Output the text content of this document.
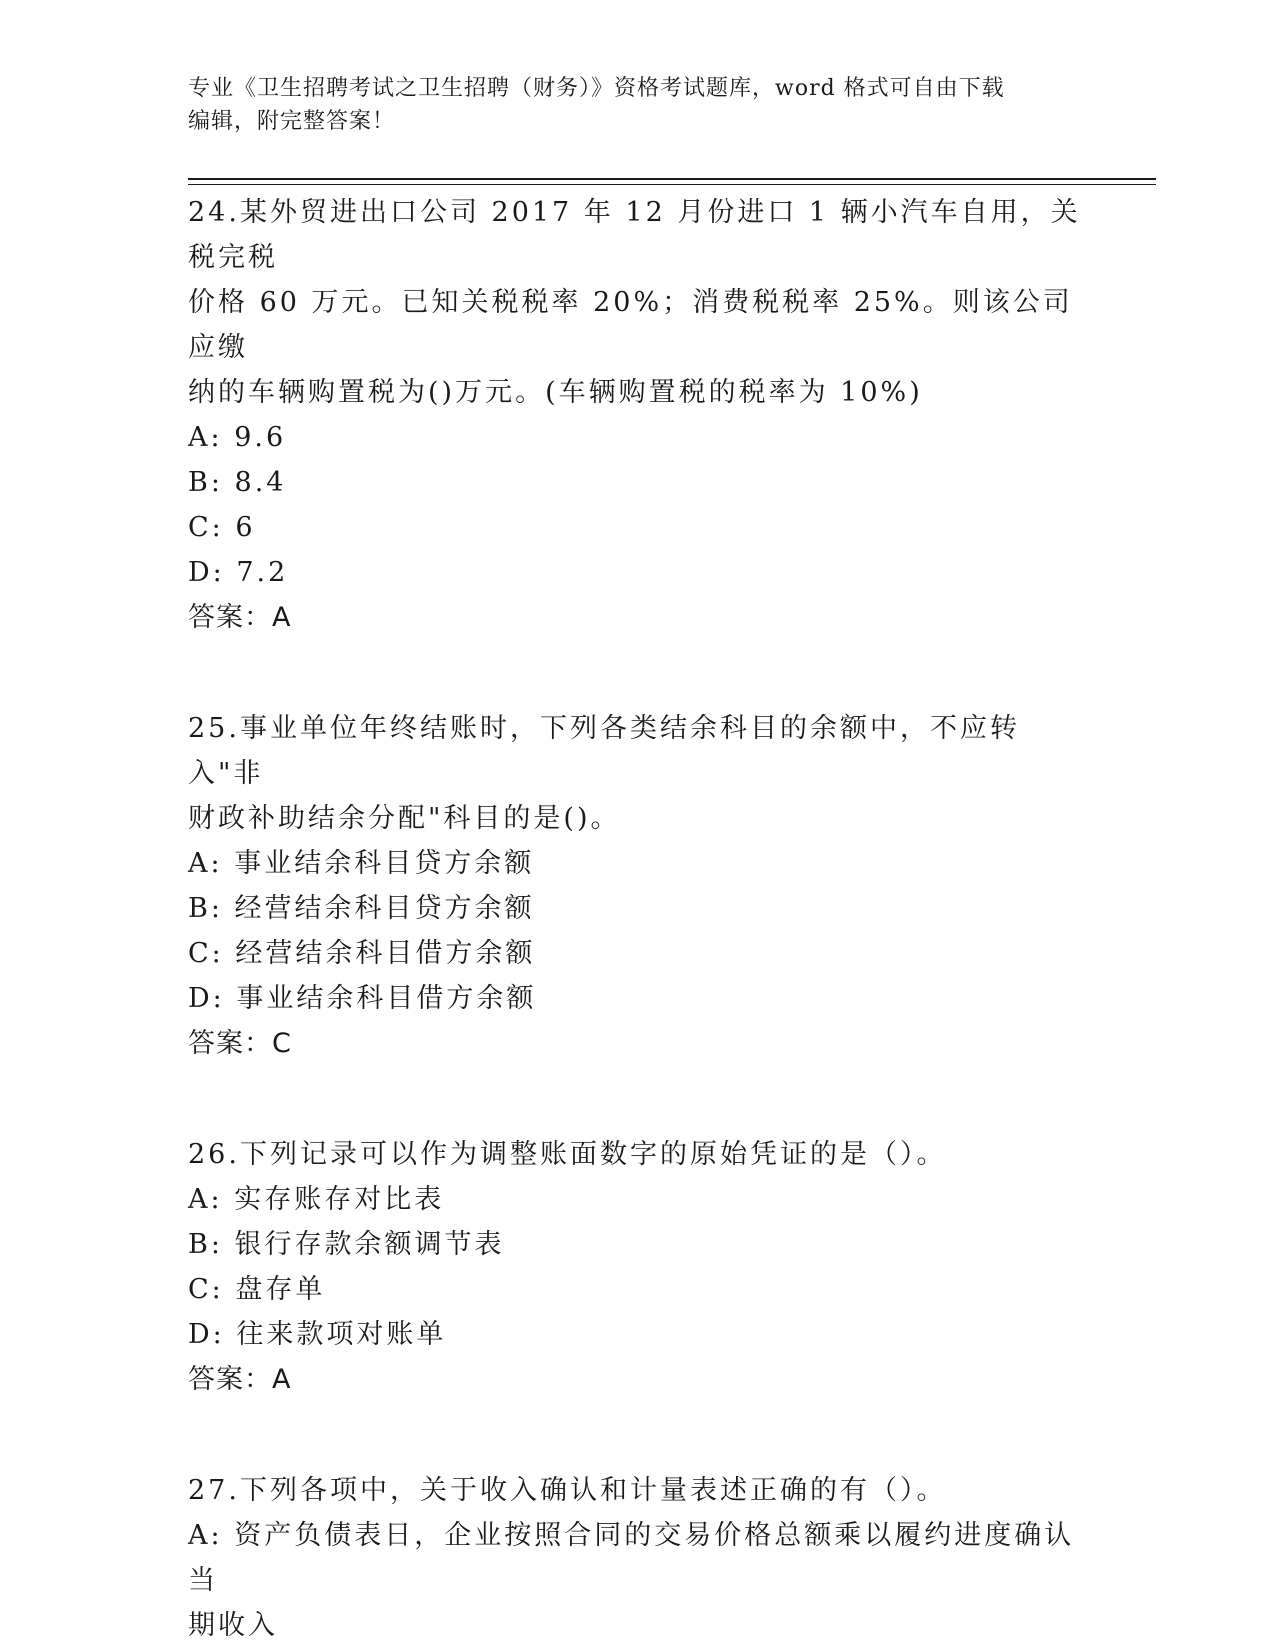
专业《卫生招聘考试之卫生招聘（财务）》资格考试题库，word 格式可自由下载
编辑，附完整答案！

24.某外贸进出口公司 2017 年 12 月份进口 1 辆小汽车自用，关税完税

价格 60 万元。已知关税税率 20%；消费税税率 25%。则该公司应缴

纳的车辆购置税为()万元。(车辆购置税的税率为 10%)

A: 9.6
B: 8.4
C: 6
D: 7.2

答案：A

25.事业单位年终结账时，下列各类结余科目的余额中，不应转入"非

财政补助结余分配"科目的是()。

A: 事业结余科目贷方余额
B: 经营结余科目贷方余额
C: 经营结余科目借方余额
D: 事业结余科目借方余额

答案：C

26.下列记录可以作为调整账面数字的原始凭证的是（）。

A: 实存账存对比表
B: 银行存款余额调节表
C: 盘存单
D: 往来款项对账单

答案：A

27.下列各项中，关于收入确认和计量表述正确的有（）。

A: 资产负债表日，企业按照合同的交易价格总额乘以履约进度确认当
期收入
